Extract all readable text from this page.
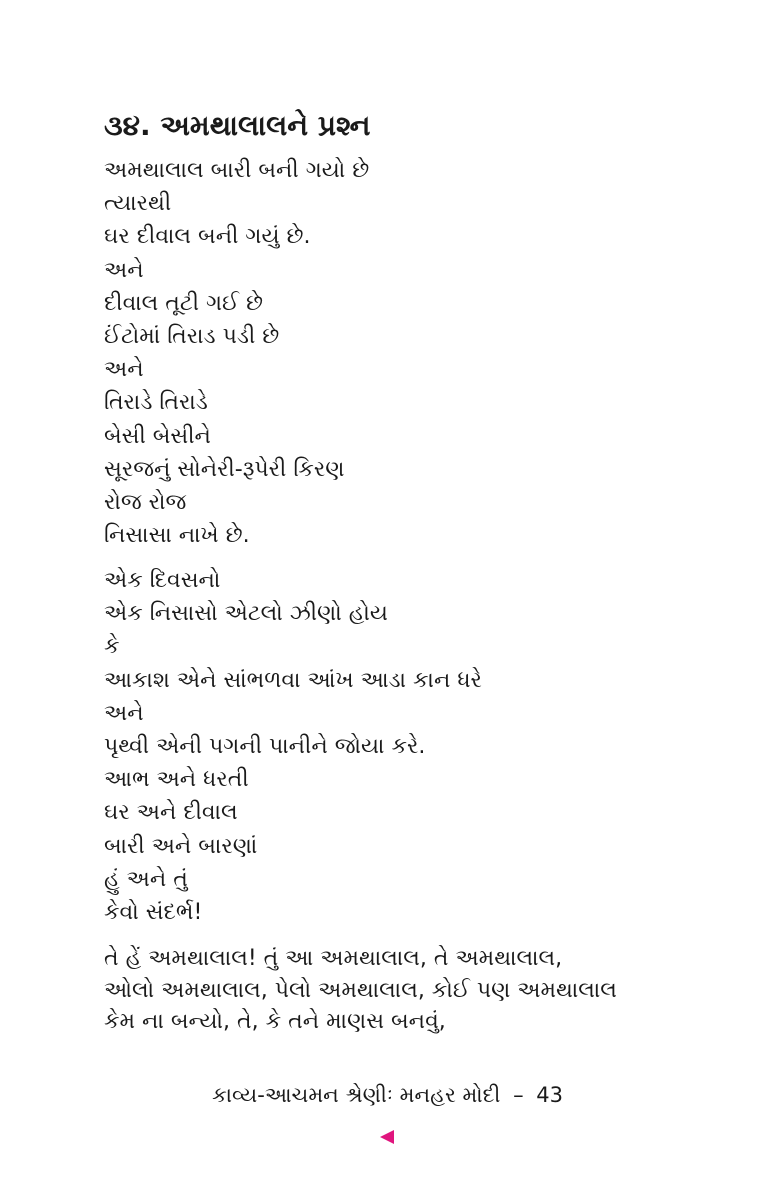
૩૪. અમથાલાલને પ્રશ્ન
અમથાલાલ બારી બની ગયો છે
ત્યારથી
ઘર દીવાલ બની ગયું છે.
અને
દીવાલ તૂટી ગઈ છે
ઈંટોમાં તિરાડ પડી છે
અને
તિરાડે તિરાડે
બેસી બેસીને
સૂરજનું સોનેરી-રૂપેરી કિરણ
રોજ રોજ
નિસાસા નાખે છે.
એક દિવસનો
એક નિસાસો એટલો ઝીણો હોય
કે
આકાશ એને સાંભળવા આંખ આડા કાન ધરે
અને
પૃથ્વી એની પગની પાનીને જોયા કરે.
આભ અને ધરતી
ઘર અને દીવાલ
બારી અને બારણાં
હું અને તું
કેવો સંદર્ભ!
તે હેં અમથાલાલ! તું આ અમથાલાલ, તે અમથાલાલ,
ઓલો અમથાલાલ, પેલો અમથાલાલ, કોઈ પણ અમથાલાલ
કેમ ના બન્યો, તે, કે તને માણસ બનવું,
કાવ્ય-આચમન શ્રેણીઃ મનહર મોદી – 43
